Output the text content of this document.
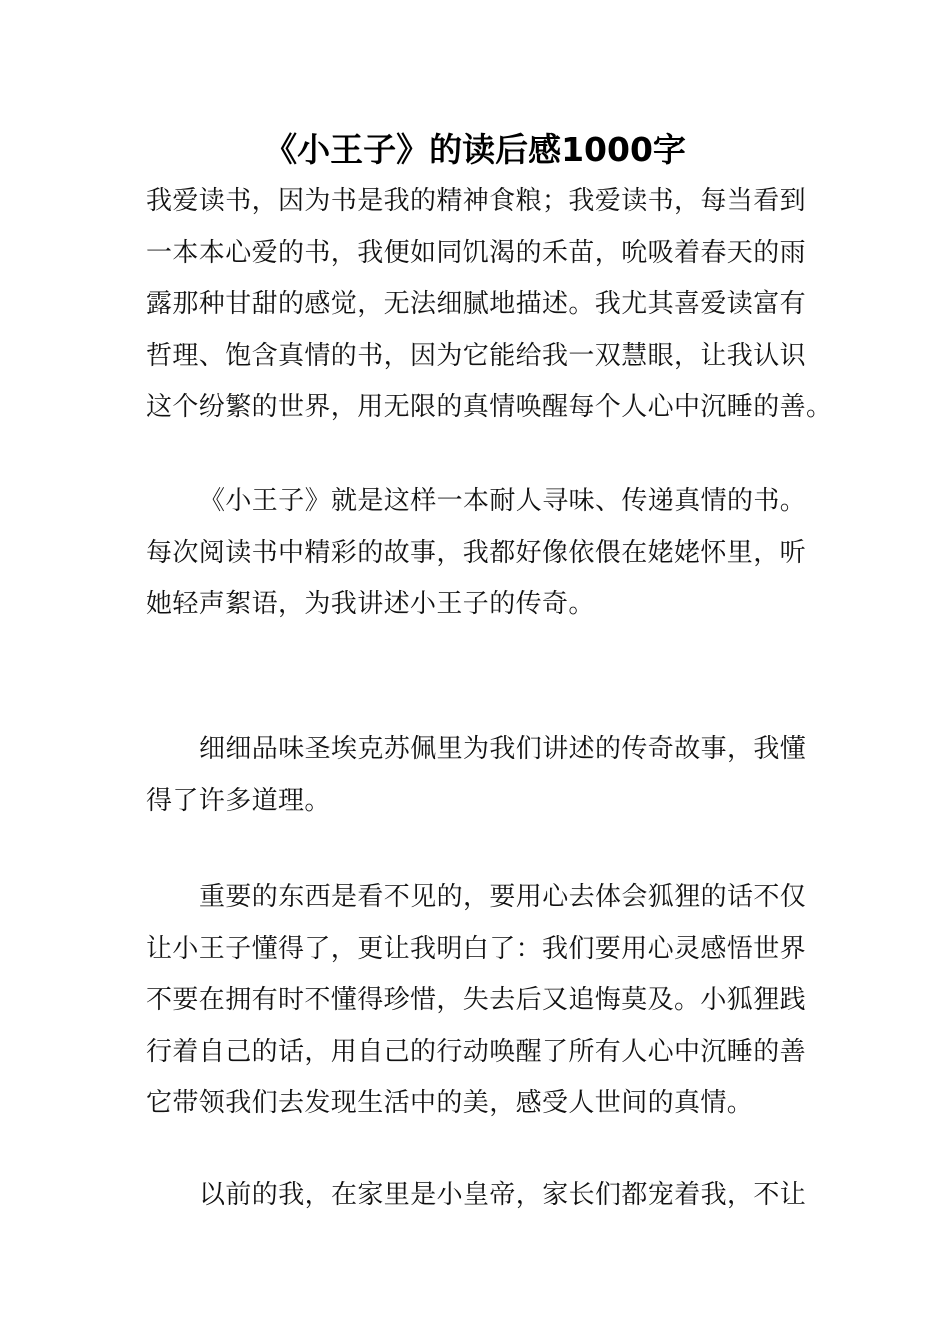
《小王子》的读后感1000字
我爱读书，因为书是我的精神食粮；我爱读书，每当看到
一本本心爱的书，我便如同饥渴的禾苗，吮吸着春天的雨
露那种甘甜的感觉，无法细腻地描述。我尤其喜爱读富有
哲理、饱含真情的书，因为它能给我一双慧眼，让我认识
这个纷繁的世界，用无限的真情唤醒每个人心中沉睡的善。
《小王子》就是这样一本耐人寻味、传递真情的书。
每次阅读书中精彩的故事，我都好像依偎在姥姥怀里，听
她轻声絮语，为我讲述小王子的传奇。
细细品味圣埃克苏佩里为我们讲述的传奇故事，我懂
得了许多道理。
重要的东西是看不见的，要用心去体会狐狸的话不仅
让小王子懂得了，更让我明白了：我们要用心灵感悟世界
不要在拥有时不懂得珍惜，失去后又追悔莫及。小狐狸践
行着自己的话，用自己的行动唤醒了所有人心中沉睡的善
它带领我们去发现生活中的美，感受人世间的真情。
以前的我，在家里是小皇帝，家长们都宠着我，不让
